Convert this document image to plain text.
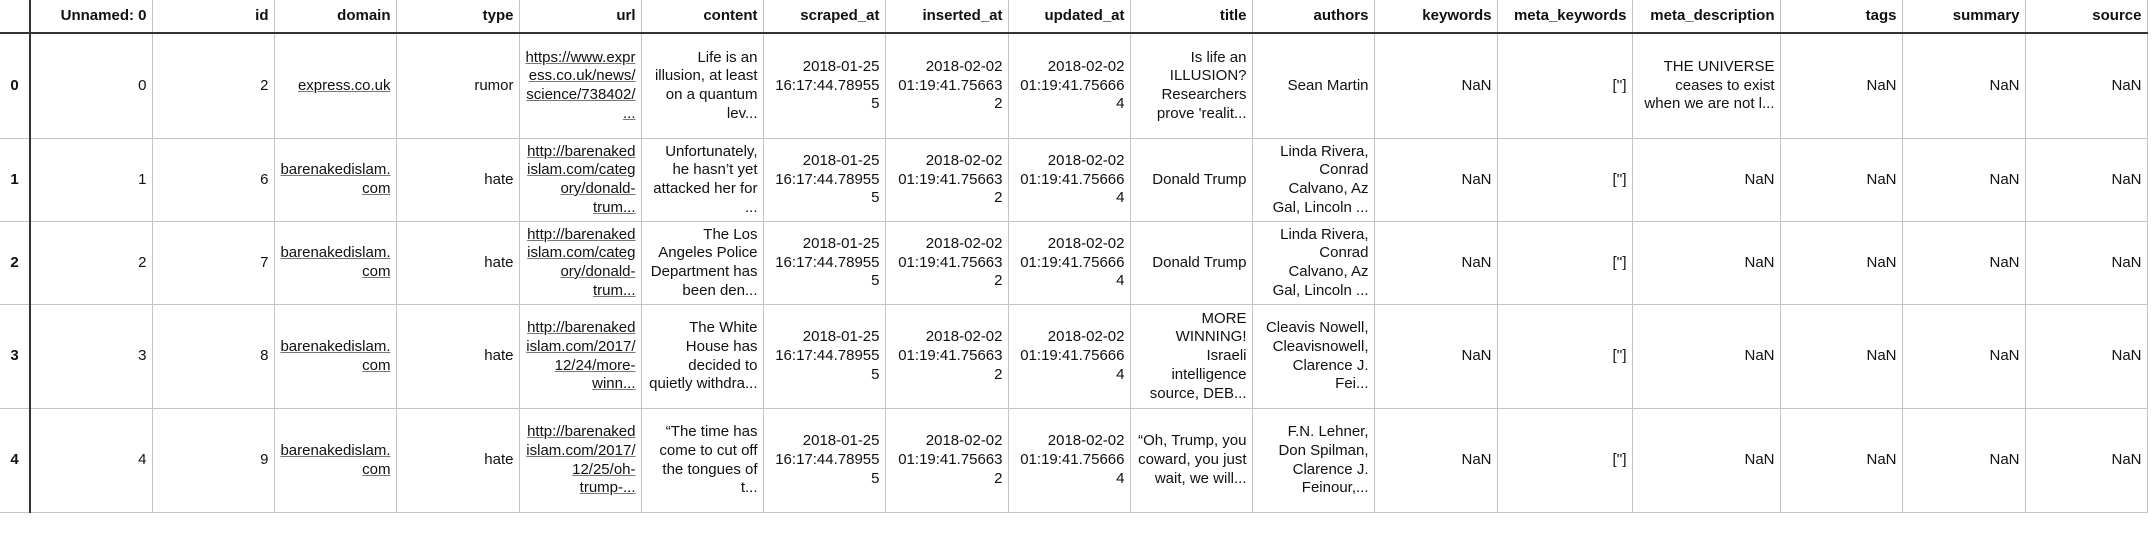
	Unnamed: 0	id	domain	type	url	content	scraped_at	inserted_at	updated_at	title	authors	keywords	meta_keywords	meta_description	tags	summary	source
0	0	2	express.co.uk	rumor	https://www.express.co.uk/news/science/738402/...	Life is an illusion, at least on a quantum lev...	2018-01-25 16:17:44.789555	2018-02-02 01:19:41.756632	2018-02-02 01:19:41.756664	Is life an ILLUSION? Researchers prove 'realit...	Sean Martin	NaN	['']	THE UNIVERSE ceases to exist when we are not l...	NaN	NaN	NaN
1	1	6	barenakedislam.com	hate	http://barenakedislam.com/category/donald-trum...	Unfortunately, he hasn’t yet attacked her for ...	2018-01-25 16:17:44.789555	2018-02-02 01:19:41.756632	2018-02-02 01:19:41.756664	Donald Trump	Linda Rivera, Conrad Calvano, Az Gal, Lincoln ...	NaN	['']	NaN	NaN	NaN	NaN
2	2	7	barenakedislam.com	hate	http://barenakedislam.com/category/donald-trum...	The Los Angeles Police Department has been den...	2018-01-25 16:17:44.789555	2018-02-02 01:19:41.756632	2018-02-02 01:19:41.756664	Donald Trump	Linda Rivera, Conrad Calvano, Az Gal, Lincoln ...	NaN	['']	NaN	NaN	NaN	NaN
3	3	8	barenakedislam.com	hate	http://barenakedislam.com/2017/12/24/more-winn...	The White House has decided to quietly withdra...	2018-01-25 16:17:44.789555	2018-02-02 01:19:41.756632	2018-02-02 01:19:41.756664	MORE WINNING! Israeli intelligence source, DEB...	Cleavis Nowell, Cleavisnowell, Clarence J. Fei...	NaN	['']	NaN	NaN	NaN	NaN
4	4	9	barenakedislam.com	hate	http://barenakedislam.com/2017/12/25/oh-trump-...	“The time has come to cut off the tongues of t...	2018-01-25 16:17:44.789555	2018-02-02 01:19:41.756632	2018-02-02 01:19:41.756664	“Oh, Trump, you coward, you just wait, we will...	F.N. Lehner, Don Spilman, Clarence J. Feinour,...	NaN	['']	NaN	NaN	NaN	NaN
